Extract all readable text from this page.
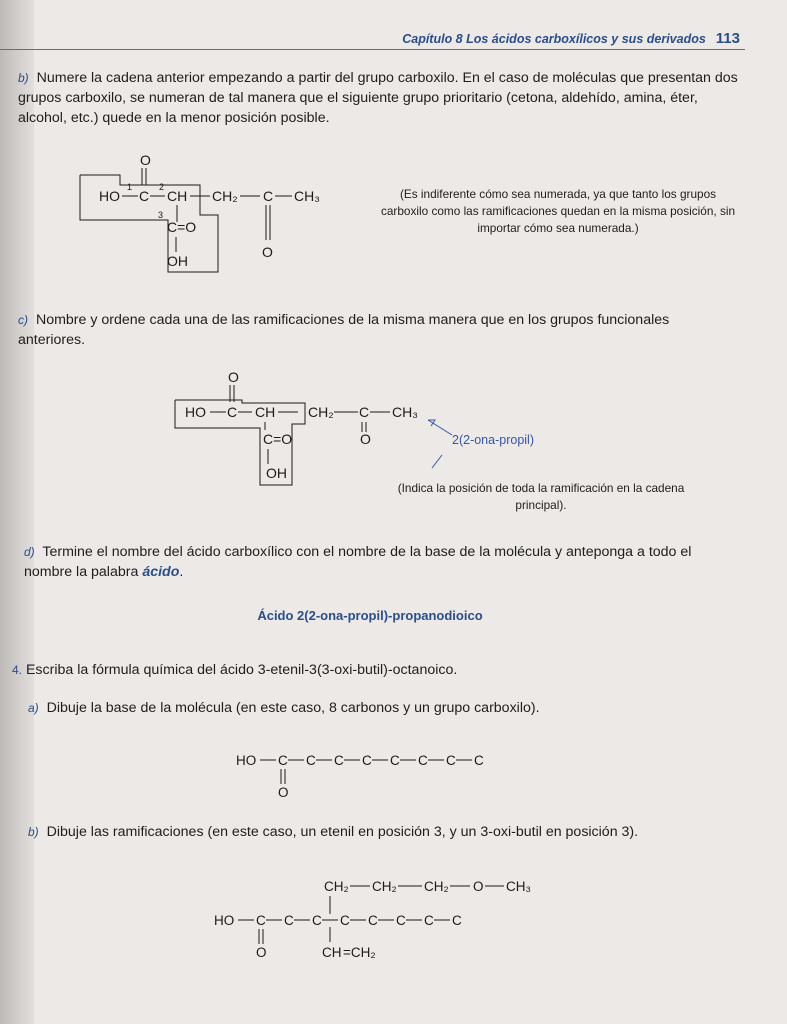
Capítulo 8 Los ácidos carboxílicos y sus derivados 113
b) Numere la cadena anterior empezando a partir del grupo carboxilo. En el caso de moléculas que presentan dos grupos carboxilo, se numeran de tal manera que el siguiente grupo prioritario (cetona, aldehído, amina, éter, alcohol, etc.) quede en la menor posición posible.
O
HO
1
C
2
CH CH₂ C CH₃
O
3
C=O
OH
(Es indiferente cómo sea numerada, ya que tanto los grupos carboxilo como las ramificaciones quedan en la misma posición, sin importar cómo sea numerada.)
c) Nombre y ordene cada una de las ramificaciones de la misma manera que en los grupos funcionales anteriores.
O
HO C CH CH₂ C CH₃
O
C=O
OH
2(2-ona-propil)
(Indica la posición de toda la ramificación en la cadena principal).
d) Termine el nombre del ácido carboxílico con el nombre de la base de la molécula y anteponga a todo el nombre la palabra ácido.
Ácido 2(2-ona-propil)-propanodioico
4. Escriba la fórmula química del ácido 3-etenil-3(3-oxi-butil)-octanoico.
a) Dibuje la base de la molécula (en este caso, 8 carbonos y un grupo carboxilo).
HO C
O
C C C C C C C
b) Dibuje las ramificaciones (en este caso, un etenil en posición 3, y un 3-oxi-butil en posición 3).
CH₂ CH₂ CH₂ O CH₃
HO C
O
C C C C C C C
CH =CH₂
